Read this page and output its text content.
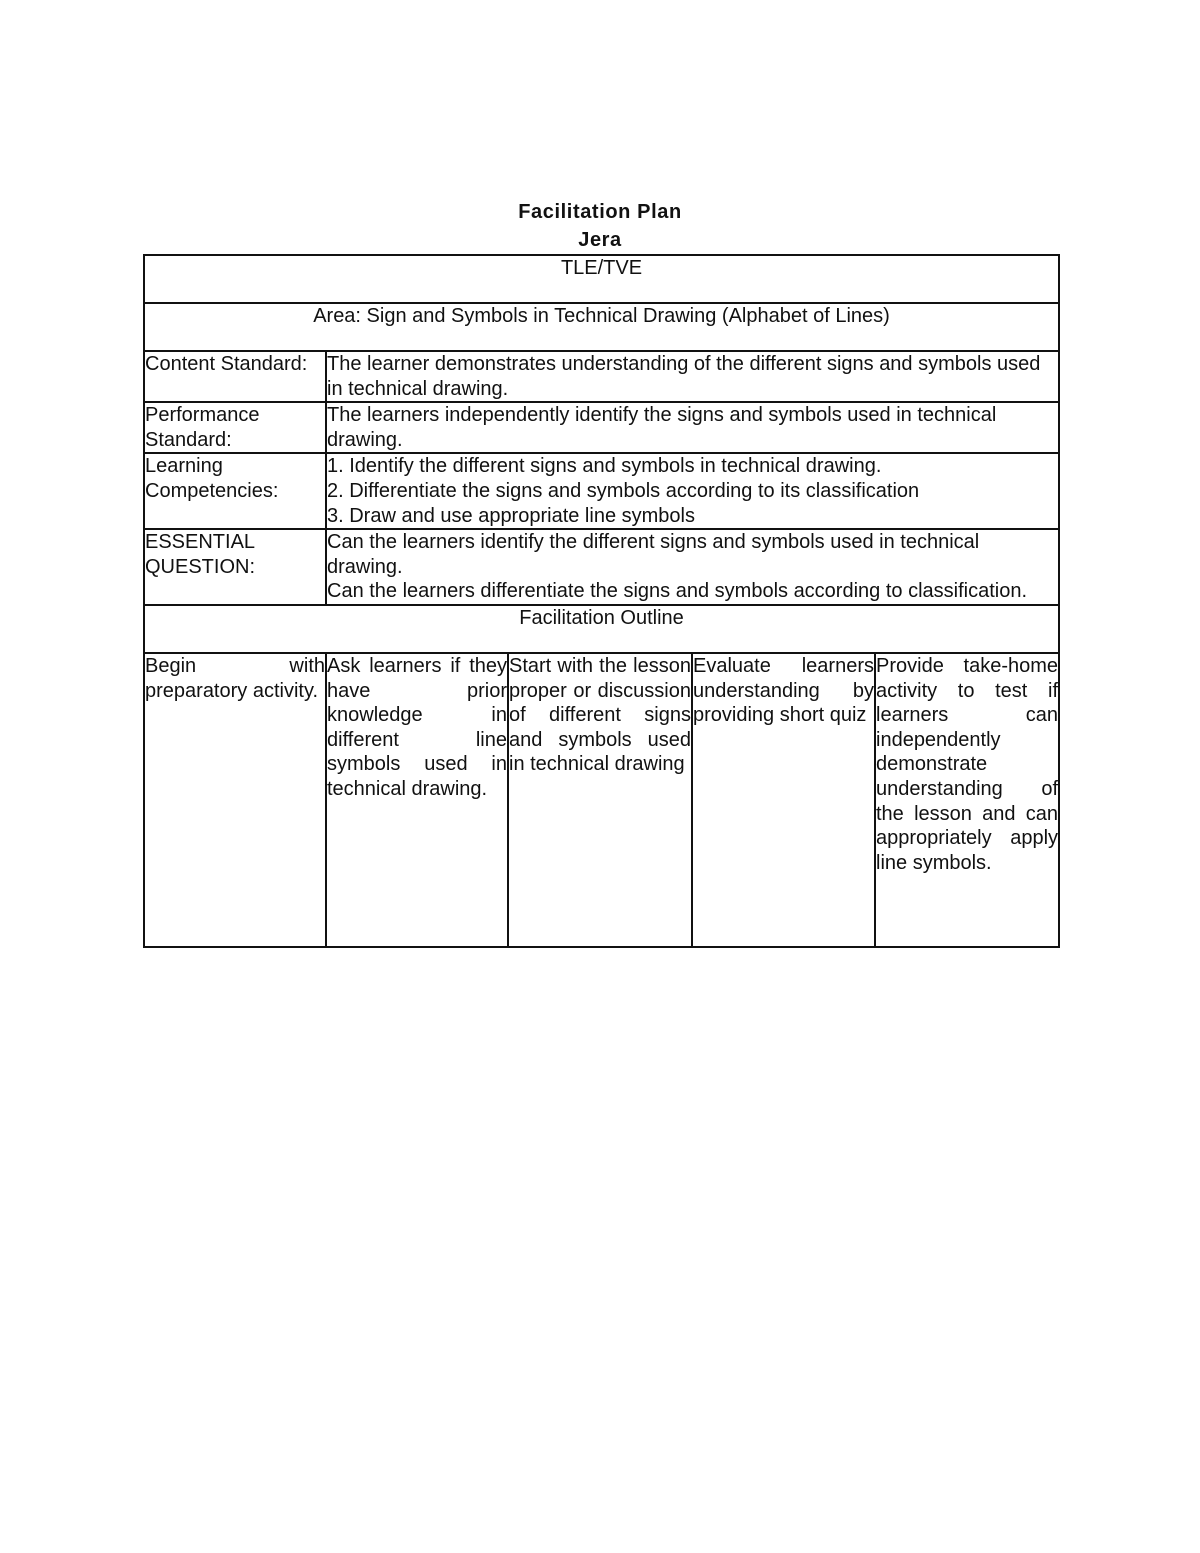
Facilitation Plan
Jera
TLE/TVE				
Area: Sign and Symbols in Technical Drawing (Alphabet of Lines)				
Content Standard:	The learner demonstrates understanding of the different signs and symbols used in technical drawing.			

Performance Standard:	The learners independently identify the signs and symbols used in technical drawing.			

Learning Competencies:	1. Identify the different signs and symbols in technical drawing.
2. Differentiate the signs and symbols according to its classification
3. Draw and use appropriate line symbols			

ESSENTIAL QUESTION:	Can the learners identify the different signs and symbols used in technical drawing.
Can the learners differentiate the signs and symbols according to classification.			

Facilitation Outline				
Begin with preparatory activity.	Ask learners if they have prior knowledge in different line symbols used in technical drawing.	Start with the lesson proper or discussion of different signs and symbols used in technical drawing	Evaluate learners understanding by providing short quiz	Provide take-home activity to test if learners can independently demonstrate understanding of the lesson and can appropriately apply line symbols.
